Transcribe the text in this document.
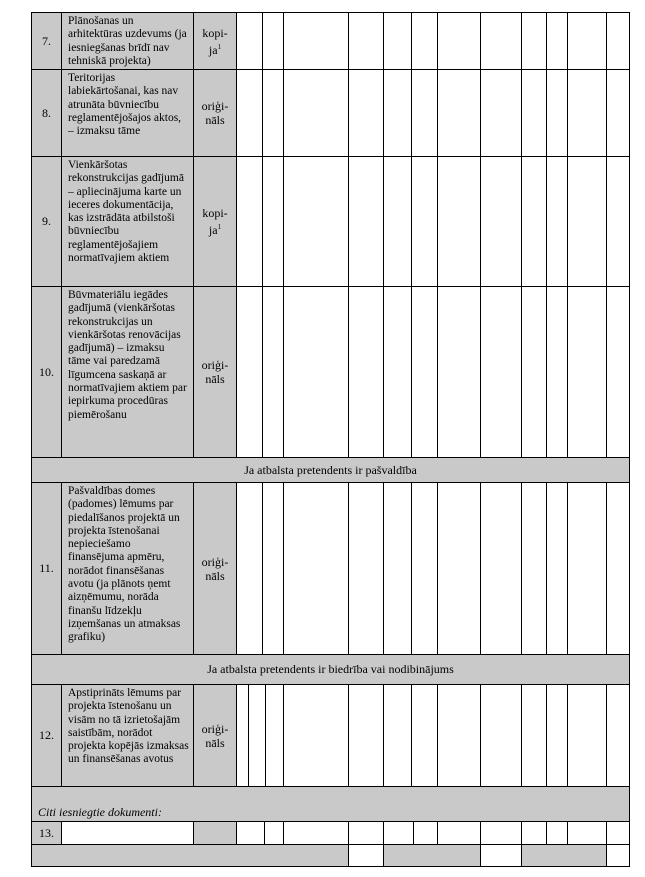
7.
Plānošanas un arhitektūras uzdevums (ja iesniegšanas brīdī nav tehniskā projekta)
kopi-
$ja^1$
8.
Teritorijas labiekārtošanai, kas nav atrunāta būvniecību reglamentējošajos aktos, – izmaksu tāme
oriģi-
nāls
9.
Vienkāršotas rekonstrukcijas gadījumā – apliecinājuma karte un ieceres dokumentācija, kas izstrādāta atbilstoši būvniecību reglamentējošajiem normatīvajiem aktiem
kopi-
$ja^1$
10.
Būvmateriālu iegādes gadījumā (vienkāršotas rekonstrukcijas un vienkāršotas renovācijas gadījumā) – izmaksu tāme vai paredzamā līgumcena saskaņā ar normatīvajiem aktiem par iepirkuma procedūras piemērošanu
oriģi-
nāls
Ja atbalsta pretendents ir pašvaldība
11.
Pašvaldības domes (padomes) lēmums par piedalīšanos projektā un projekta īstenošanai nepieciešamo finansējuma apmēru, norādot finansēšanas avotu (ja plānots ņemt aizņēmumu, norāda finanšu līdzekļu izņemšanas un atmaksas grafiku)
oriģi-
nāls
Ja atbalsta pretendents ir biedrība vai nodibinājums
12.
Apstiprināts lēmums par projekta īstenošanu un visām no tā izrietošajām saistībām, norādot projekta kopējās izmaksas un finansēšanas avotus
oriģi-
nāls
Citi iesniegtie dokumenti:
13.
